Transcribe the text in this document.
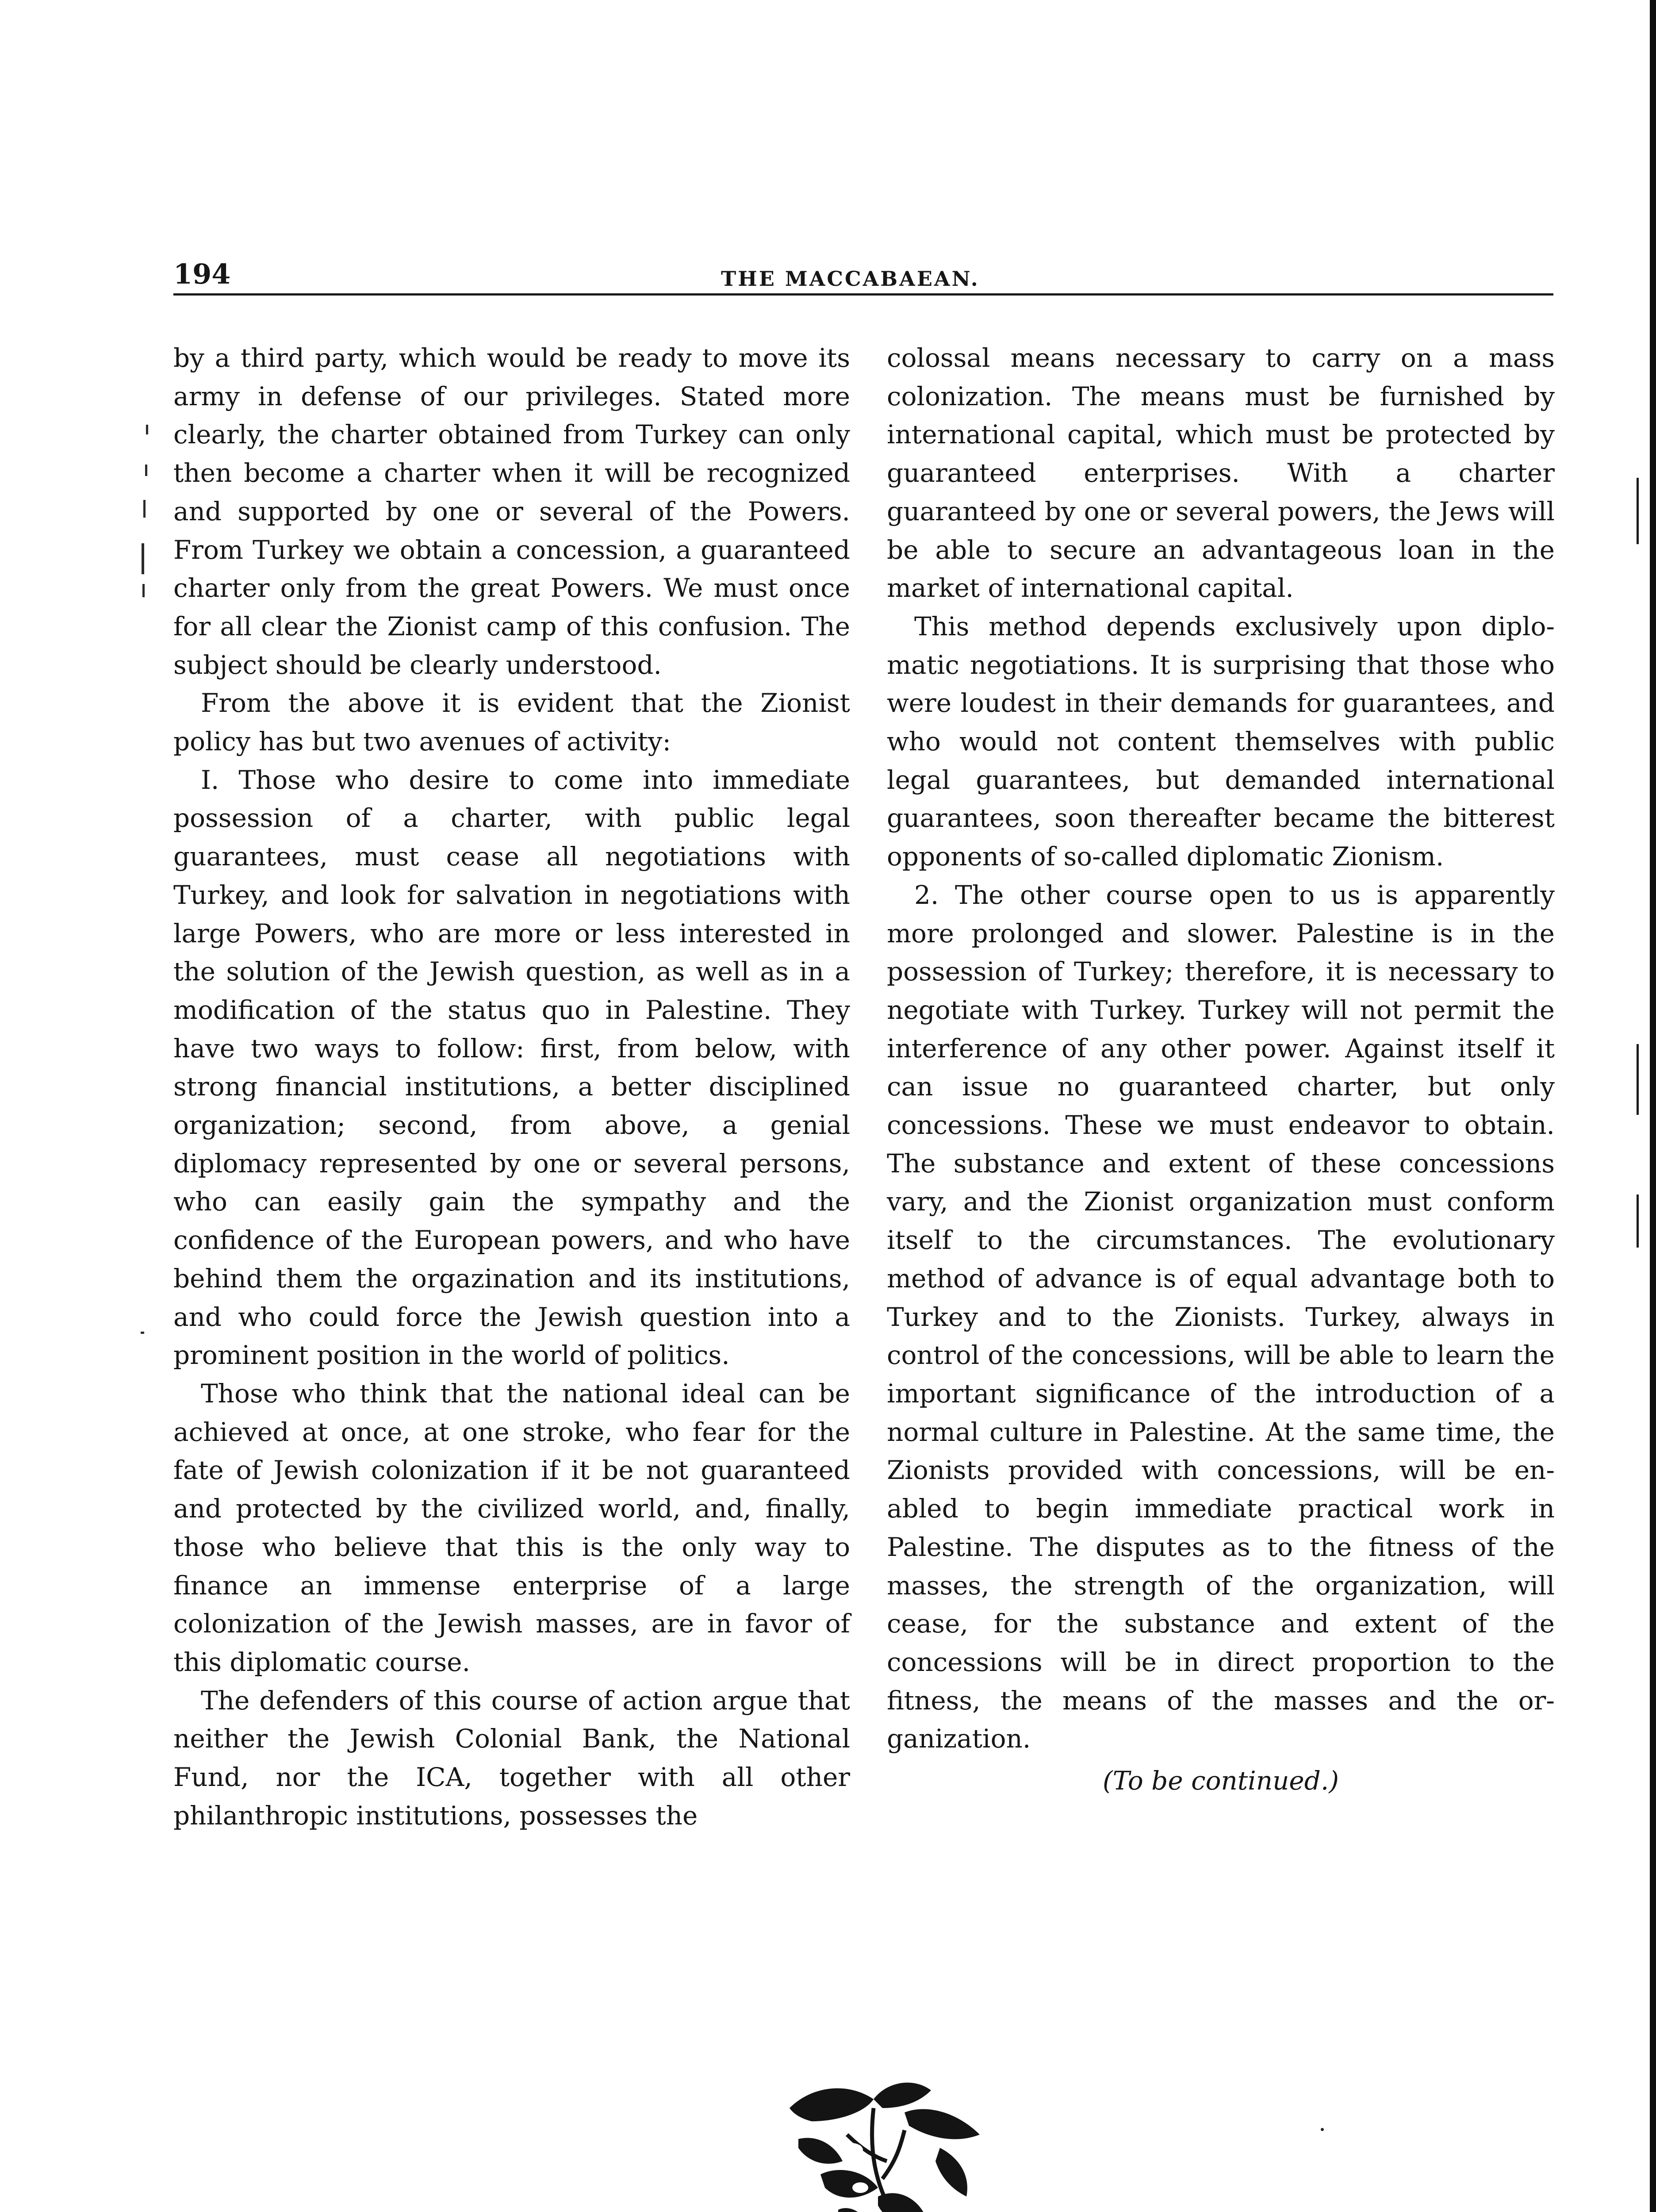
194	THE MACCABAEAN.

by a third party, which would be ready to move its army in defense of our privileges. Stated more clearly, the charter obtained from Turkey can only then become a charter when it will be recognized and supported by one or several of the Powers. From Turkey we obtain a concession, a guaranteed charter only from the great Powers. We must once for all clear the Zionist camp of this confusion. The subject should be clearly understood.

From the above it is evident that the Zionist policy has but two avenues of activity:

I. Those who desire to come into immediate possession of a charter, with public legal guarantees, must cease all negotiations with Turkey, and look for salvation in negotiations with large Powers, who are more or less interested in the solution of the Jewish question, as well as in a modification of the status quo in Palestine. They have two ways to follow: first, from below, with strong financial institutions, a better disciplined organization; second, from above, a genial diplomacy represented by one or several persons, who can easily gain the sympathy and the confidence of the European powers, and who have behind them the orgazination and its institutions, and who could force the Jewish question into a prominent position in the world of politics.

Those who think that the national ideal can be achieved at once, at one stroke, who fear for the fate of Jewish colonization if it be not guaranteed and protected by the civilized world, and, finally, those who believe that this is the only way to finance an immense enterprise of a large colonization of the Jewish masses, are in favor of this diplomatic course.

The defenders of this course of action argue that neither the Jewish Colonial Bank, the National Fund, nor the ICA, together with all other philanthropic institutions, possesses the

colossal means necessary to carry on a mass colonization. The means must be furnished by international capital, which must be protected by guaranteed enterprises. With a charter guaranteed by one or several powers, the Jews will be able to secure an advantageous loan in the market of international capital.

This method depends exclusively upon diplomatic negotiations. It is surprising that those who were loudest in their demands for guarantees, and who would not content themselves with public legal guarantees, but demanded international guarantees, soon thereafter became the bitterest opponents of so-called diplomatic Zionism.

2. The other course open to us is apparently more prolonged and slower. Palestine is in the possession of Turkey; therefore, it is necessary to negotiate with Turkey. Turkey will not permit the interference of any other power. Against itself it can issue no guaranteed charter, but only concessions. These we must endeavor to obtain. The substance and extent of these concessions vary, and the Zionist organization must conform itself to the circumstances. The evolutionary method of advance is of equal advantage both to Turkey and to the Zionists. Turkey, always in control of the concessions, will be able to learn the important significance of the introduction of a normal culture in Palestine. At the same time, the Zionists provided with concessions, will be enabled to begin immediate practical work in Palestine. The disputes as to the fitness of the masses, the strength of the organization, will cease, for the substance and extent of the concessions will be in direct proportion to the fitness, the means of the masses and the organization.

(To be continued.)
